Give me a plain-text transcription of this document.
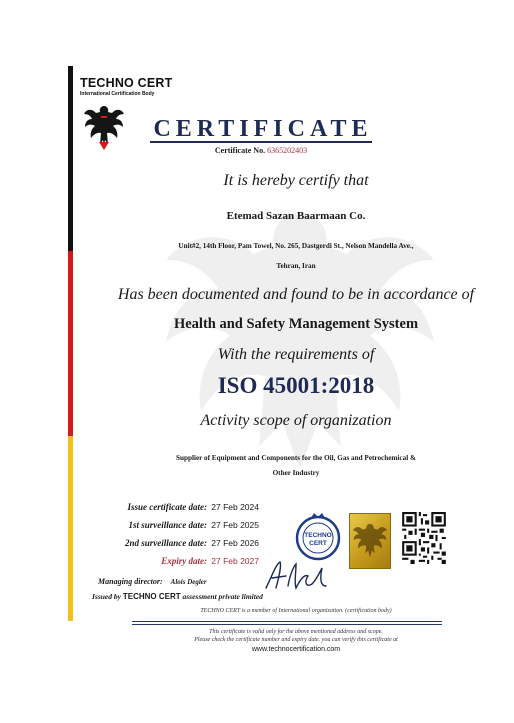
TECHNO CERT
International Certification Body
CERTIFICATE
Certificate No. 6365202403
It is hereby certify that
Etemad Sazan Baarmaan Co.
Unit#2, 14th Floor, Pam Towel, No. 265, Dastgerdi St., Nelson Mandella Ave.,
Tehran, Iran
Has been documented and found to be in accordance of
Health and Safety Management System
With the requirements of
ISO 45001:2018
Activity scope of organization
Supplier of Equipment and Components for the Oil, Gas and Petrochemical &
Other Industry
Issue certificate date: 27 Feb 2024
1st surveillance date: 27 Feb 2025
2nd surveillance date: 27 Feb 2026
Expiry date: 27 Feb 2027
Managing director: Alois Degler
Issued by TECHNO CERT assessment private limited
TECHNO
CERT
TECHNO CERT is a member of International organization. (certification body)
This certificate is valid only for the above mentioned address and scope.
Please check the certificate number and expiry date. you can verify this certificate at
www.technocertification.com
